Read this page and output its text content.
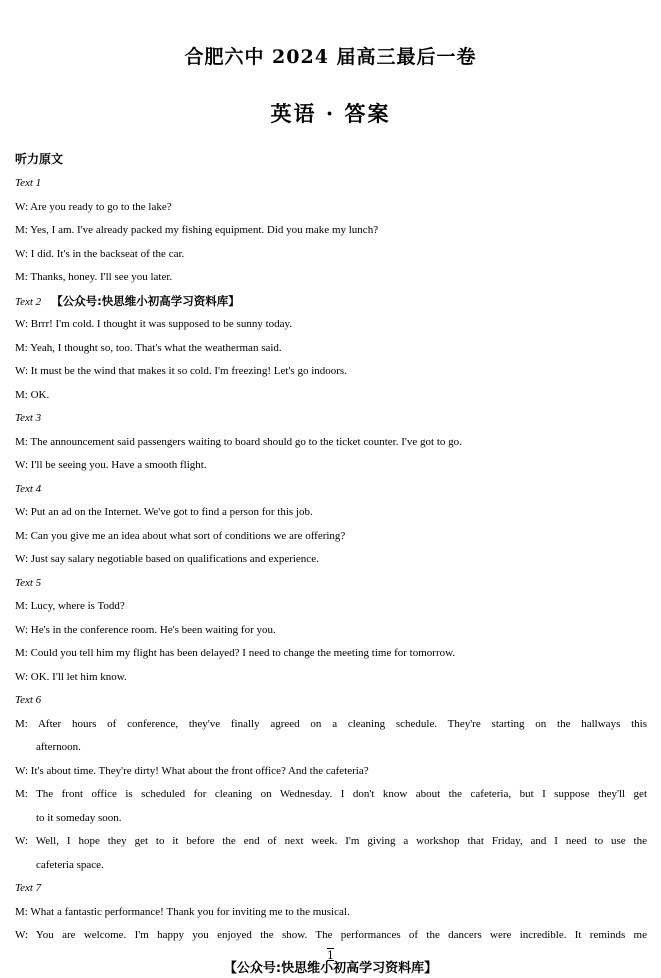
合肥六中 2024 届高三最后一卷
英语 · 答案
听力原文
Text 1
W: Are you ready to go to the lake?
M: Yes, I am. I've already packed my fishing equipment. Did you make my lunch?
W: I did. It's in the backseat of the car.
M: Thanks, honey. I'll see you later.
Text 2 【公众号:快思维小初高学习资料库】
W: Brrr! I'm cold. I thought it was supposed to be sunny today.
M: Yeah, I thought so, too. That's what the weatherman said.
W: It must be the wind that makes it so cold. I'm freezing! Let's go indoors.
M: OK.
Text 3
M: The announcement said passengers waiting to board should go to the ticket counter. I've got to go.
W: I'll be seeing you. Have a smooth flight.
Text 4
W: Put an ad on the Internet. We've got to find a person for this job.
M: Can you give me an idea about what sort of conditions we are offering?
W: Just say salary negotiable based on qualifications and experience.
Text 5
M: Lucy, where is Todd?
W: He's in the conference room. He's been waiting for you.
M: Could you tell him my flight has been delayed? I need to change the meeting time for tomorrow.
W: OK. I'll let him know.
Text 6
M: After hours of conference, they've finally agreed on a cleaning schedule. They're starting on the hallways this
afternoon.
W: It's about time. They're dirty! What about the front office? And the cafeteria?
M: The front office is scheduled for cleaning on Wednesday. I don't know about the cafeteria, but I suppose they'll get
to it someday soon.
W: Well, I hope they get to it before the end of next week. I'm giving a workshop that Friday, and I need to use the
cafeteria space.
Text 7
M: What a fantastic performance! Thank you for inviting me to the musical.
W: You are welcome. I'm happy you enjoyed the show. The performances of the dancers were incredible. It reminds me
1
【公众号:快思维小初高学习资料库】
